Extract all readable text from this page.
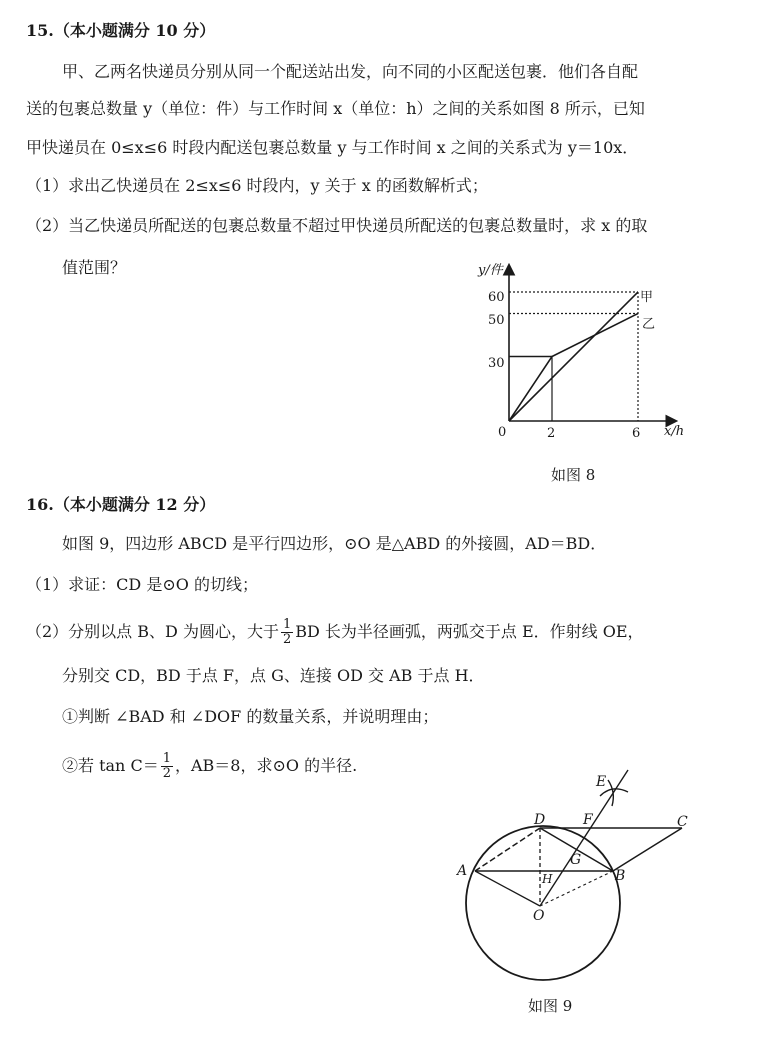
15.（本小题满分 10 分）
甲、乙两名快递员分别从同一个配送站出发，向不同的小区配送包裹．他们各自配
送的包裹总数量 y（单位：件）与工作时间 x（单位：h）之间的关系如图 8 所示，已知
甲快递员在 0≤x≤6 时段内配送包裹总数量 y 与工作时间 x 之间的关系式为 y＝10x．
（1）求出乙快递员在 2≤x≤6 时段内，y 关于 x 的函数解析式；
（2）当乙快递员所配送的包裹总数量不超过甲快递员所配送的包裹总数量时，求 x 的取
值范围？	y/件
x/h
60
50
30
0	2	6
甲
乙
如图 8
16.（本小题满分 12 分）
如图 9，四边形 ABCD 是平行四边形，⊙O 是△ABD 的外接圆，AD＝BD．
（1）求证：CD 是⊙O 的切线；
（2）分别以点 B、D 为圆心，大于 $\frac{1}{2}$ BD 长为半径画弧，两弧交于点 E．作射线 OE，
分别交 CD，BD 于点 F，点 G、连接 OD 交 AB 于点 H．
①判断 ∠BAD 和 ∠DOF 的数量关系，并说明理由；
②若 $\tan C= \frac{1}{2}$ ，AB＝8，求⊙O 的半径.
E
D	F	C
A	B
G
O
H
如图 9
